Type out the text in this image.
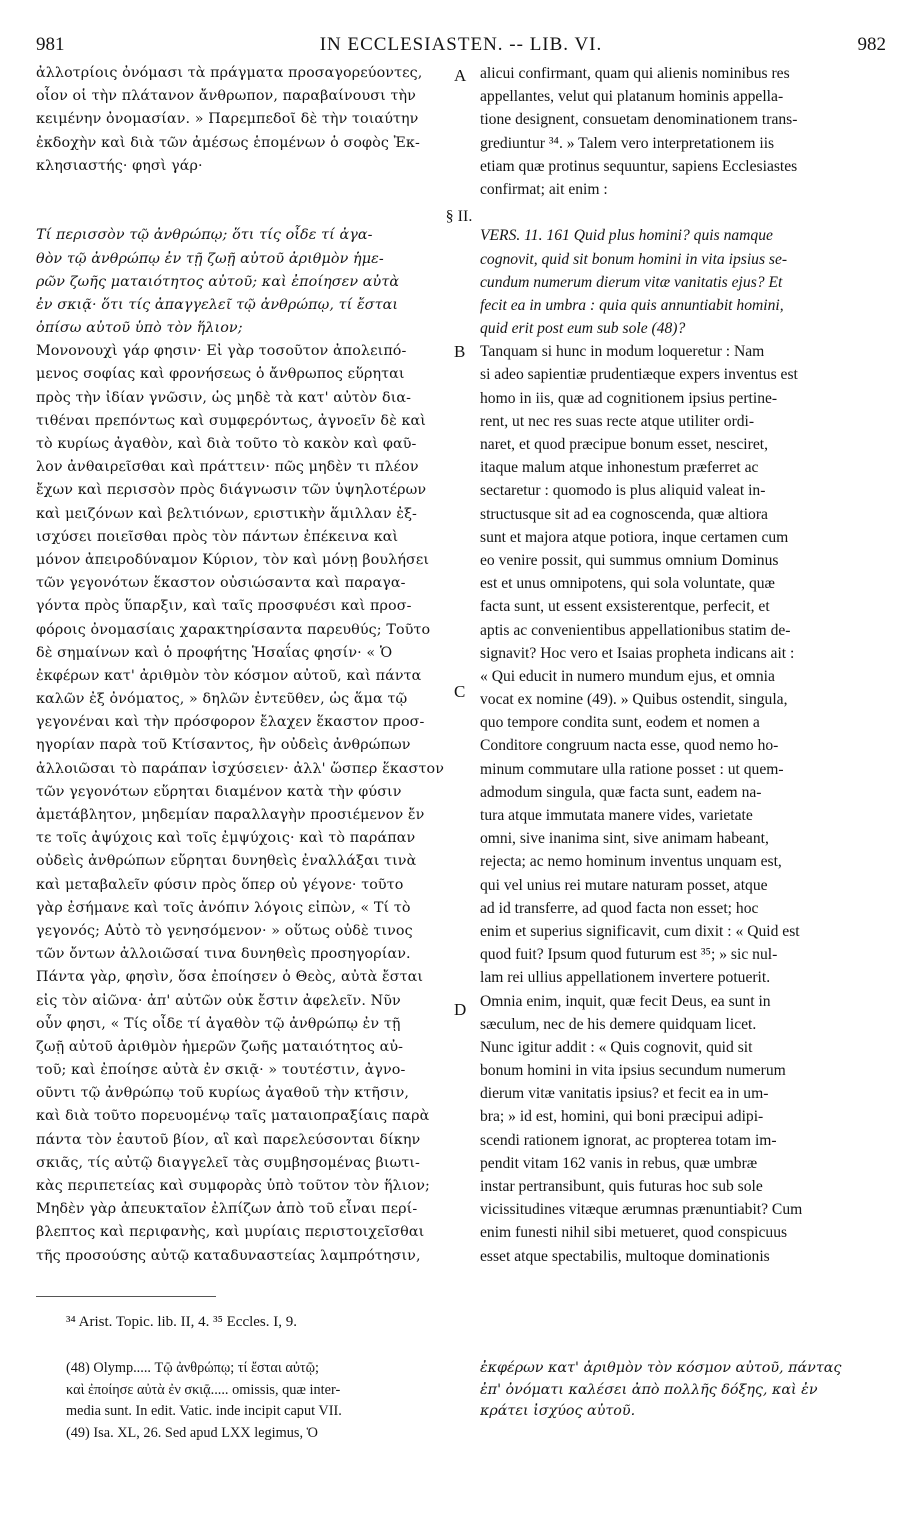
981	IN ECCLESIASTEN. -- LIB. VI.	982
A
B
C
D
§ II.
ἀλλοτρίοις ὀνόμασι τὰ πράγματα προσαγορεύοντες,
οἷον οἱ τὴν πλάτανον ἄνθρωπον, παραβαίνουσι τὴν
κειμένην ὀνομασίαν. » Παρεμπεδοῖ δὲ τὴν τοιαύτην
ἐκδοχὴν καὶ διὰ τῶν ἀμέσως ἑπομένων ὁ σοφὸς Ἐκ-
κλησιαστής· φησὶ γάρ·

Τί περισσὸν τῷ ἀνθρώπῳ; ὅτι τίς οἶδε τί ἀγα-
θὸν τῷ ἀνθρώπῳ ἐν τῇ ζωῇ αὐτοῦ ἀριθμὸν ἡμε-
ρῶν ζωῆς ματαιότητος αὐτοῦ; καὶ ἐποίησεν αὐτὰ
ἐν σκιᾷ· ὅτι τίς ἀπαγγελεῖ τῷ ἀνθρώπῳ, τί ἔσται
ὀπίσω αὐτοῦ ὑπὸ τὸν ἥλιον;
Μονονουχὶ γάρ φησιν· Εἰ γὰρ τοσοῦτον ἀπολειπό-
μενος σοφίας καὶ φρονήσεως ὁ ἄνθρωπος εὕρηται
πρὸς τὴν ἰδίαν γνῶσιν, ὡς μηδὲ τὰ κατ' αὐτὸν δια-
τιθέναι πρεπόντως καὶ συμφερόντως, ἀγνοεῖν δὲ καὶ
τὸ κυρίως ἀγαθὸν, καὶ διὰ τοῦτο τὸ κακὸν καὶ φαῦ-
λον ἀνθαιρεῖσθαι καὶ πράττειν· πῶς μηδὲν τι πλέον
ἔχων καὶ περισσὸν πρὸς διάγνωσιν τῶν ὑψηλοτέρων
καὶ μειζόνων καὶ βελτιόνων, εριστικὴν ἅμιλλαν ἐξ-
ισχύσει ποιεῖσθαι πρὸς τὸν πάντων ἐπέκεινα καὶ
μόνον ἀπειροδύναμον Κύριον, τὸν καὶ μόνῃ βουλήσει
τῶν γεγονότων ἕκαστον οὐσιώσαντα καὶ παραγα-
γόντα πρὸς ὕπαρξιν, καὶ ταῖς προσφυέσι καὶ προσ-
φόροις ὀνομασίαις χαρακτηρίσαντα παρευθύς; Τοῦτο
δὲ σημαίνων καὶ ὁ προφήτης Ἡσαΐας φησίν· « Ὁ
ἐκφέρων κατ' ἀριθμὸν τὸν κόσμον αὐτοῦ, καὶ πάντα
καλῶν ἐξ ὀνόματος, » δηλῶν ἐντεῦθεν, ὡς ἅμα τῷ
γεγονέναι καὶ τὴν πρόσφορον ἔλαχεν ἕκαστον προσ-
ηγορίαν παρὰ τοῦ Κτίσαντος, ἣν οὐδεὶς ἀνθρώπων
ἀλλοιῶσαι τὸ παράπαν ἰσχύσειεν· ἀλλ' ὥσπερ ἕκαστον
τῶν γεγονότων εὕρηται διαμένον κατὰ τὴν φύσιν
ἀμετάβλητον, μηδεμίαν παραλλαγὴν προσιέμενον ἔν
τε τοῖς ἀψύχοις καὶ τοῖς ἐμψύχοις· καὶ τὸ παράπαν
οὐδεὶς ἀνθρώπων εὕρηται δυνηθεὶς ἐναλλάξαι τινὰ
καὶ μεταβαλεῖν φύσιν πρὸς ὅπερ οὐ γέγονε· τοῦτο
γὰρ ἐσήμανε καὶ τοῖς ἀνόπιν λόγοις εἰπὼν, « Τί τὸ
γεγονός; Αὐτὸ τὸ γενησόμενον· » οὕτως οὐδὲ τινος
τῶν ὄντων ἀλλοιῶσαί τινα δυνηθεὶς προσηγορίαν.
Πάντα γὰρ, φησὶν, ὅσα ἐποίησεν ὁ Θεὸς, αὐτὰ ἔσται
εἰς τὸν αἰῶνα· ἀπ' αὐτῶν οὐκ ἔστιν ἀφελεῖν. Νῦν
οὖν φησι, « Τίς οἶδε τί ἀγαθὸν τῷ ἀνθρώπῳ ἐν τῇ
ζωῇ αὐτοῦ ἀριθμὸν ἡμερῶν ζωῆς ματαιότητος αὐ-
τοῦ; καὶ ἐποίησε αὐτὰ ἐν σκιᾷ· » τουτέστιν, ἀγνο-
οῦντι τῷ ἀνθρώπῳ τοῦ κυρίως ἀγαθοῦ τὴν κτῆσιν,
καὶ διὰ τοῦτο πορευομένῳ ταῖς ματαιοπραξίαις παρὰ
πάντα τὸν ἑαυτοῦ βίον, αἳ καὶ παρελεύσονται δίκην
σκιᾶς, τίς αὐτῷ διαγγελεῖ τὰς συμβησομένας βιωτι-
κὰς περιπετείας καὶ συμφορὰς ὑπὸ τοῦτον τὸν ἥλιον;
Μηδὲν γὰρ ἀπευκταῖον ἐλπίζων ἀπὸ τοῦ εἶναι περί-
βλεπτος καὶ περιφανὴς, καὶ μυρίαις περιστοιχεῖσθαι
τῆς προσούσης αὐτῷ καταδυναστείας λαμπρότησιν,
alicui confirmant, quam qui alienis nominibus res
appellantes, velut qui platanum hominis appella-
tione designent, consuetam denominationem trans-
grediuntur ³⁴. » Talem vero interpretationem iis
etiam quæ protinus sequuntur, sapiens Ecclesiastes
confirmat; ait enim :

VERS. 11. 161 Quid plus homini? quis namque
cognovit, quid sit bonum homini in vita ipsius se-
cundum numerum dierum vitæ vanitatis ejus? Et
fecit ea in umbra : quia quis annuntiabit homini,
quid erit post eum sub sole (48)?
Tanquam si hunc in modum loqueretur : Nam
si adeo sapientiæ prudentiæque expers inventus est
homo in iis, quæ ad cognitionem ipsius pertine-
rent, ut nec res suas recte atque utiliter ordi-
naret, et quod præcipue bonum esset, nesciret,
itaque malum atque inhonestum præferret ac
sectaretur : quomodo is plus aliquid valeat in-
structusque sit ad ea cognoscenda, quæ altiora
sunt et majora atque potiora, inque certamen cum
eo venire possit, qui summus omnium Dominus
est et unus omnipotens, qui sola voluntate, quæ
facta sunt, ut essent exsisterentque, perfecit, et
aptis ac convenientibus appellationibus statim de-
signavit? Hoc vero et Isaias propheta indicans ait :
« Qui educit in numero mundum ejus, et omnia
vocat ex nomine (49). » Quibus ostendit, singula,
quo tempore condita sunt, eodem et nomen a
Conditore congruum nacta esse, quod nemo ho-
minum commutare ulla ratione posset : ut quem-
admodum singula, quæ facta sunt, eadem na-
tura atque immutata manere vides, varietate
omni, sive inanima sint, sive animam habeant,
rejecta; ac nemo hominum inventus unquam est,
qui vel unius rei mutare naturam posset, atque
ad id transferre, ad quod facta non esset; hoc
enim et superius significavit, cum dixit : « Quid est
quod fuit? Ipsum quod futurum est ³⁵; » sic nul-
lam rei ullius appellationem invertere potuerit.
Omnia enim, inquit, quæ fecit Deus, ea sunt in
sæculum, nec de his demere quidquam licet.
Nunc igitur addit : « Quis cognovit, quid sit
bonum homini in vita ipsius secundum numerum
dierum vitæ vanitatis ipsius? et fecit ea in um-
bra; » id est, homini, qui boni præcipui adipi-
scendi rationem ignorat, ac propterea totam im-
pendit vitam 162 vanis in rebus, quæ umbræ
instar pertransibunt, quis futuras hoc sub sole
vicissitudines vitæque ærumnas prænuntiabit? Cum
enim funesti nihil sibi metueret, quod conspicuus
esset atque spectabilis, multoque dominationis
³⁴ Arist. Topic. lib. II, 4. ³⁵ Eccles. I, 9.
(48) Olymp..... Τῷ ἀνθρώπῳ; τί ἔσται αὐτῷ;
καὶ ἐποίησε αὐτὰ ἐν σκιᾷ..... omissis, quæ inter-
media sunt. In edit. Vatic. inde incipit caput VII.
(49) Isa. XL, 26. Sed apud LXX legimus, Ὁ
ἐκφέρων κατ' ἀριθμὸν τὸν κόσμον αὐτοῦ, πάντας
ἐπ' ὀνόματι καλέσει ἀπὸ πολλῆς δόξης, καὶ ἐν
κράτει ἰσχύος αὐτοῦ.
